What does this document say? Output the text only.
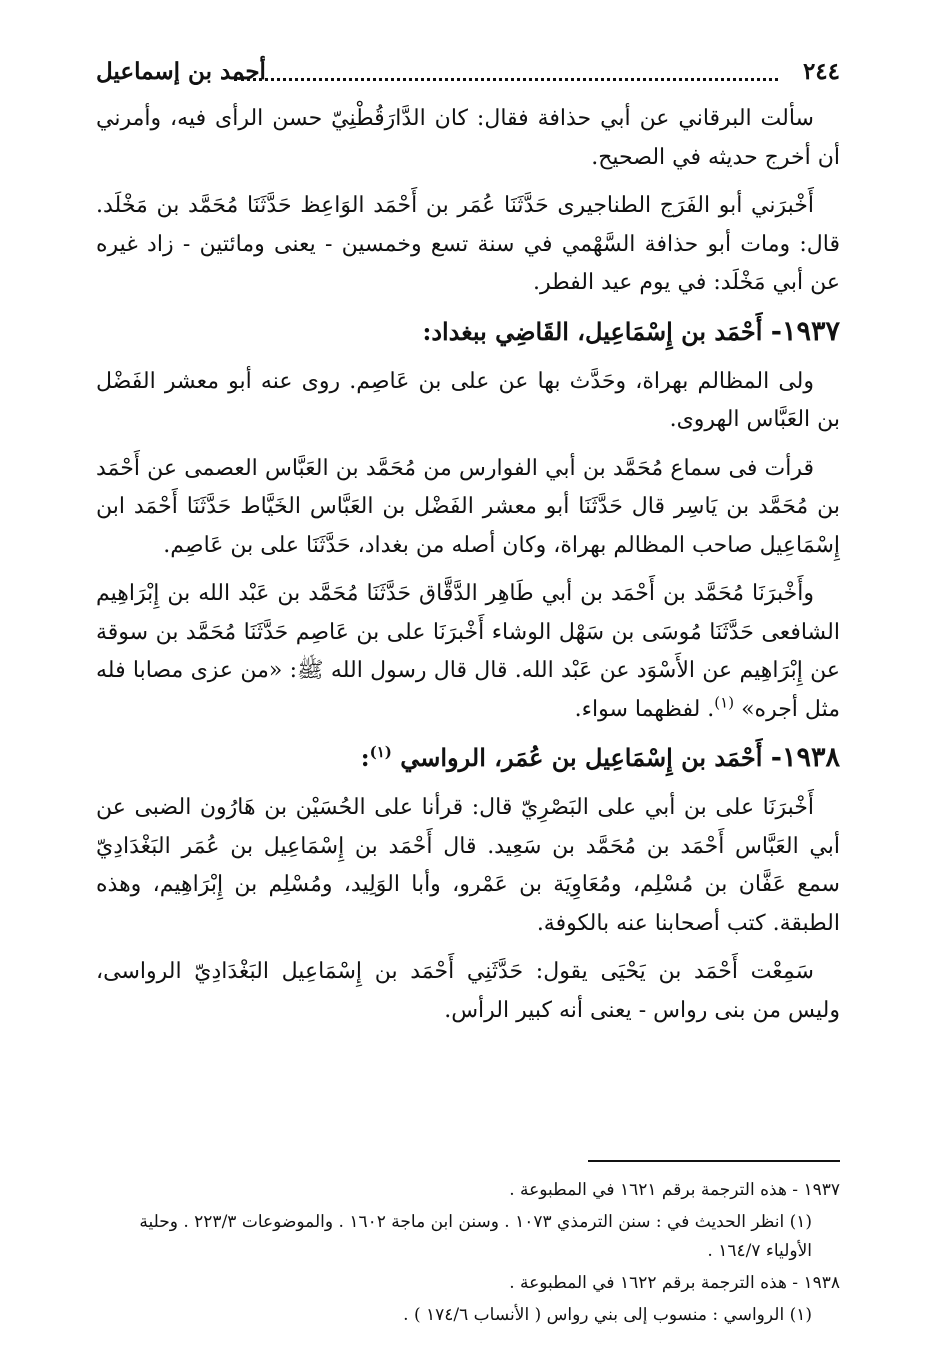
٢٤٤
أحمد بن إسماعيل

سألت البرقاني عن أبي حذافة فقال: كان الدَّارَقُطْنِيّ حسن الرأى فيه، وأمرني أن أخرج حديثه في الصحيح.

أَخْبرَني أبو الفَرَج الطناجيرى حَدَّثَنَا عُمَر بن أَحْمَد الوَاعِظ حَدَّثَنَا مُحَمَّد بن مَخْلَد. قال: ومات أبو حذافة السَّهْمي في سنة تسع وخمسين - يعنى ومائتين - زاد غيره عن أبي مَخْلَد: في يوم عيد الفطر.

١٩٣٧- أَحْمَد بن إِسْمَاعِيل، القَاضِي ببغداد:

ولى المظالم بهراة، وحَدَّث بها عن على بن عَاصِم. روى عنه أبو معشر الفَضْل بن العَبَّاس الهروى.

قرأت فى سماع مُحَمَّد بن أبي الفوارس من مُحَمَّد بن العَبَّاس العصمى عن أَحْمَد بن مُحَمَّد بن يَاسِر قال حَدَّثَنَا أبو معشر الفَضْل بن العَبَّاس الخَيَّاط حَدَّثَنَا أَحْمَد ابن إِسْمَاعِيل صاحب المظالم بهراة، وكان أصله من بغداد، حَدَّثَنَا على بن عَاصِم.

وأَخْبرَنَا مُحَمَّد بن أَحْمَد بن أبي طَاهِر الدَّقَّاق حَدَّثَنَا مُحَمَّد بن عَبْد الله بن إِبْرَاهِيم الشافعى حَدَّثَنَا مُوسَى بن سَهْل الوشاء أَخْبرَنَا على بن عَاصِم حَدَّثَنَا مُحَمَّد بن سوقة عن إِبْرَاهِيم عن الأَسْوَد عن عَبْد الله. قال قال رسول الله ﷺ: «من عزى مصابا فله مثل أجره» $^{(١)}$. لفظهما سواء.

١٩٣٨- أَحْمَد بن إِسْمَاعِيل بن عُمَر، الرواسي $^{(١)}$:

أَخْبرَنَا على بن أبي على البَصْرِيّ قال: قرأنا على الحُسَيْن بن هَارُون الضبى عن أبي العَبَّاس أَحْمَد بن مُحَمَّد بن سَعِيد. قال أَحْمَد بن إِسْمَاعِيل بن عُمَر البَغْدَادِيّ سمع عَفَّان بن مُسْلِم، ومُعَاوِيَة بن عَمْرو، وأبا الوَلِيد، ومُسْلِم بن إِبْرَاهِيم، وهذه الطبقة. كتب أصحابنا عنه بالكوفة.

سَمِعْت أَحْمَد بن يَحْيَى يقول: حَدَّثَنِي أَحْمَد بن إِسْمَاعِيل البَغْدَادِيّ الرواسى، وليس من بنى رواس - يعنى أنه كبير الرأس.

١٩٣٧ - هذه الترجمة برقم ١٦٢١ في المطبوعة .

(١) انظر الحديث في : سنن الترمذي ١٠٧٣ . وسنن ابن ماجة ١٦٠٢ . والموضوعات ٢٢٣/٣ . وحلية الأولياء ١٦٤/٧ .

١٩٣٨ - هذه الترجمة برقم ١٦٢٢ في المطبوعة .

(١) الرواسي : منسوب إلى بني رواس ( الأنساب ١٧٤/٦ ) .
